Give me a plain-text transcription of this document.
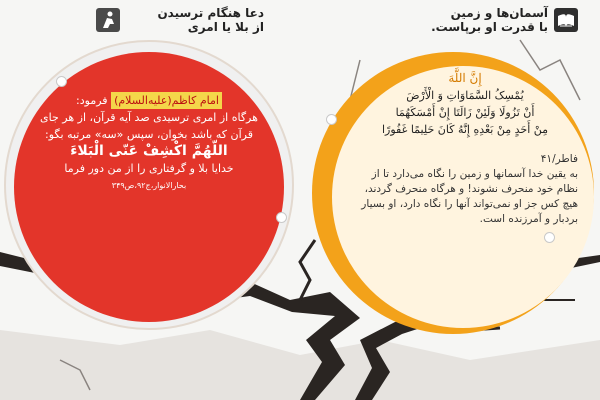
دعا هنگام ترسیدن
از بلا یا امری
آسمان‌ها و زمین
با قدرت او برپاست.
امام کاظم(علیه‌السلام) فرمود:
هرگاه از امری ترسیدی صد آیه قرآن، از هر جای قرآن که باشد بخوان، سپس «سه» مرتبه بگو:
اللّهُمَّ اکْشِفْ عَنّی الْبَلاءَ
خدایا بلا و گرفتاری را از من دور فرما
بحارالانوار،ج۹۲،ص۳۴۹
إِنَّ اللَّهَ
یُمْسِکُ السَّمَاوَاتِ وَ الْأَرْضَ
أَنْ تَزُولَا وَلَئِنْ زَالَتَا إِنْ أَمْسَکَهُمَا
مِنْ أَحَدٍ مِنْ بَعْدِهِ إِنَّهُ کَانَ حَلِیمًا غَفُورًا
فاطر/۴۱
به یقین خدا آسمانها و زمین را نگاه می‌دارد تا از نظام خود منحرف نشوند! و هرگاه منحرف گردند، هیچ کس جز او نمی‌تواند آنها را نگاه دارد، او بسیار بردبار و آمرزنده است.
